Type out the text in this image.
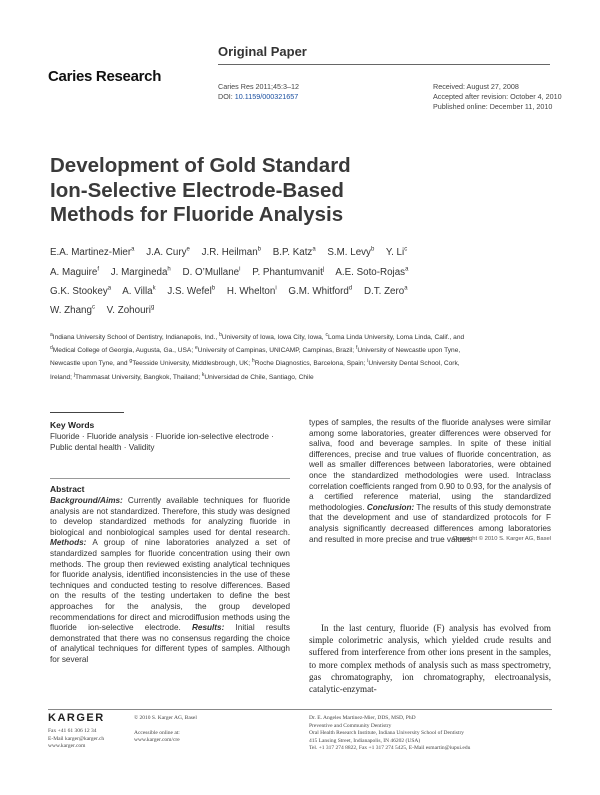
Original Paper
Caries Research
Caries Res 2011;45:3–12
DOI: 10.1159/000321657
Received: August 27, 2008
Accepted after revision: October 4, 2010
Published online: December 11, 2010
Development of Gold Standard
Ion-Selective Electrode-Based
Methods for Fluoride Analysis
E.A. Martinez-Mier$^a$ J.A. Cury$^e$ J.R. Heilman$^b$ B.P. Katz$^a$ S.M. Levy$^b$ Y. Li$^c$ A. Maguire$^f$ J. Margineda$^h$ D. O’Mullane$^i$ P. Phantumvanit$^j$ A.E. Soto-Rojas$^a$ G.K. Stookey$^a$ A. Villa$^k$ J.S. Wefel$^b$ H. Whelton$^i$ G.M. Whitford$^d$ D.T. Zero$^a$ W. Zhang$^c$ V. Zohouri$^g$
$^a$Indiana University School of Dentistry, Indianapolis, Ind., $^b$University of Iowa, Iowa City, Iowa, $^c$Loma Linda University, Loma Linda, Calif., and $^d$Medical College of Georgia, Augusta, Ga., USA; $^e$University of Campinas, UNICAMP, Campinas, Brazil; $^f$University of Newcastle upon Tyne, Newcastle upon Tyne, and $^g$Teesside University, Middlesbrough, UK; $^h$Roche Diagnostics, Barcelona, Spain; $^i$University Dental School, Cork, Ireland; $^j$Thammasat University, Bangkok, Thailand; $^k$Universidad de Chile, Santiago, Chile
Key Words
Fluoride · Fluoride analysis · Fluoride ion-selective electrode · Public dental health · Validity
Abstract

Background/Aims: Currently available techniques for fluoride analysis are not standardized. Therefore, this study was designed to develop standardized methods for analyzing fluoride in biological and nonbiological samples used for dental research. Methods: A group of nine laboratories analyzed a set of standardized samples for fluoride concentration using their own methods. The group then reviewed existing analytical techniques for fluoride analysis, identified inconsistencies in the use of these techniques and conducted testing to resolve differences. Based on the results of the testing undertaken to define the best approaches for the analysis, the group developed recommendations for direct and microdiffusion methods using the fluoride ion-selective electrode. Results: Initial results demonstrated that there was no consensus regarding the choice of analytical techniques for different types of samples. Although for several

types of samples, the results of the fluoride analyses were similar among some laboratories, greater differences were observed for saliva, food and beverage samples. In spite of these initial differences, precise and true values of fluoride concentration, as well as smaller differences between laboratories, were obtained once the standardized methodologies were used. Intraclass correlation coefficients ranged from 0.90 to 0.93, for the analysis of a certified reference material, using the standardized methodologies. Conclusion: The results of this study demonstrate that the development and use of standardized protocols for F analysis significantly decreased differences among laboratories and resulted in more precise and true values.

Copyright © 2010 S. Karger AG, Basel

In the last century, fluoride (F) analysis has evolved from simple colorimetric analysis, which yielded crude results and suffered from interference from other ions present in the samples, to more complex methods of analysis such as mass spectrometry, gas chromatography, ion chromatography, electroanalysis, catalytic-enzymat-

KARGER
Fax +41 61 306 12 34
E-Mail karger@karger.ch
www.karger.com
© 2010 S. Karger AG, Basel
Accessible online at:
www.karger.com/cre
Dr. E. Angeles Martinez-Mier, DDS, MSD, PhD
Preventive and Community Dentistry
Oral Health Research Institute, Indiana University School of Dentistry
415 Lansing Street, Indianapolis, IN 46202 (USA)
Tel. +1 317 274 8822, Fax +1 317 274 5425, E-Mail esmartin@iupui.edu
